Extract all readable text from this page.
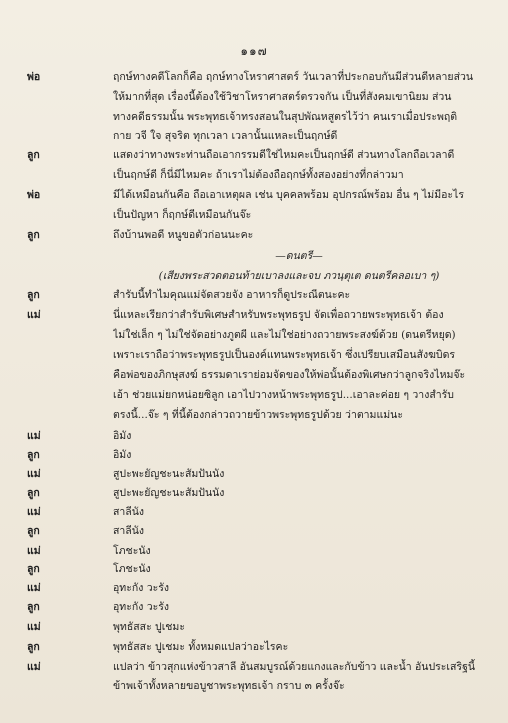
๑๑๗
พ่อ	ฤกษ์ทางคดีโลกก็คือ ฤกษ์ทางโหราศาสตร์ วันเวลาที่ประกอบกันมีส่วนดีหลายส่วน
ให้มากที่สุด เรื่องนี้ต้องใช้วิชาโหราศาสตร์ตรวจกัน เป็นที่สังคมเขานิยม ส่วน
ทางคดีธรรมนั้น พระพุทธเจ้าทรงสอนในสุปพัณหสูตรไว้ว่า คนเราเมื่อประพฤติ
กาย วจี ใจ สุจริต ทุกเวลา เวลานั้นแหละเป็นฤกษ์ดี
ลูก	แสดงว่าทางพระท่านถือเอากรรมดีใช่ไหมคะเป็นฤกษ์ดี ส่วนทางโลกถือเวลาดี
เป็นฤกษ์ดี ก็นี่มีไหมคะ ถ้าเราไม่ต้องถือฤกษ์ทั้งสองอย่างที่กล่าวมา
พ่อ	มีได้เหมือนกันคือ ถือเอาเหตุผล เช่น บุคคลพร้อม อุปกรณ์พร้อม อื่น ๆ ไม่มีอะไร
เป็นปัญหา ก็ฤกษ์ดีเหมือนกันจ๊ะ
ลูก	ถึงบ้านพอดี หนูขอตัวก่อนนะคะ
—ดนตรี—
(เสียงพระสวดตอนท้ายเบาลงและจบ ภวนฺตุเต ดนตรีคลอเบา ๆ)
ลูก	สำรับนี้ทำไมคุณแม่จัดสวยจัง อาหารก็ดูประณีตนะคะ
แม่	นี่แหละเรียกว่าสำรับพิเศษสำหรับพระพุทธรูป จัดเพื่อถวายพระพุทธเจ้า ต้อง
ไม่ใช่เล็ก ๆ ไม่ใช่จัดอย่างภูตผี และไม่ใช่อย่างถวายพระสงฆ์ด้วย (ดนตรีหยุด)
เพราะเราถือว่าพระพุทธรูปเป็นองค์แทนพระพุทธเจ้า ซึ่งเปรียบเสมือนสังฆบิดร
คือพ่อของภิกษุสงฆ์ ธรรมดาเราย่อมจัดของให้พ่อนั้นต้องพิเศษกว่าลูกจริงไหมจ๊ะ
เอ้า ช่วยแม่ยกหน่อยซิลูก เอาไปวางหน้าพระพุทธรูป...เอาละค่อย ๆ วางสำรับ
ตรงนี้...จ๊ะ ๆ ที่นี้ต้องกล่าวถวายข้าวพระพุทธรูปด้วย ว่าตามแม่นะ
แม่	อิมัง
ลูก	อิมัง
แม่	สูปะพะยัญชะนะสัมปันนัง
ลูก	สูปะพะยัญชะนะสัมปันนัง
แม่	สาลีนัง
ลูก	สาลีนัง
แม่	โภชะนัง
ลูก	โภชะนัง
แม่	อุทะกัง วะรัง
ลูก	อุทะกัง วะรัง
แม่	พุทธัสสะ ปูเชมะ
ลูก	พุทธัสสะ ปูเชมะ ทั้งหมดแปลว่าอะไรคะ
แม่	แปลว่า ข้าวสุกแห่งข้าวสาลี อันสมบูรณ์ด้วยแกงและกับข้าว และน้ำ อันประเสริฐนี้
ข้าพเจ้าทั้งหลายขอบูชาพระพุทธเจ้า กราบ ๓ ครั้งจ๊ะ
